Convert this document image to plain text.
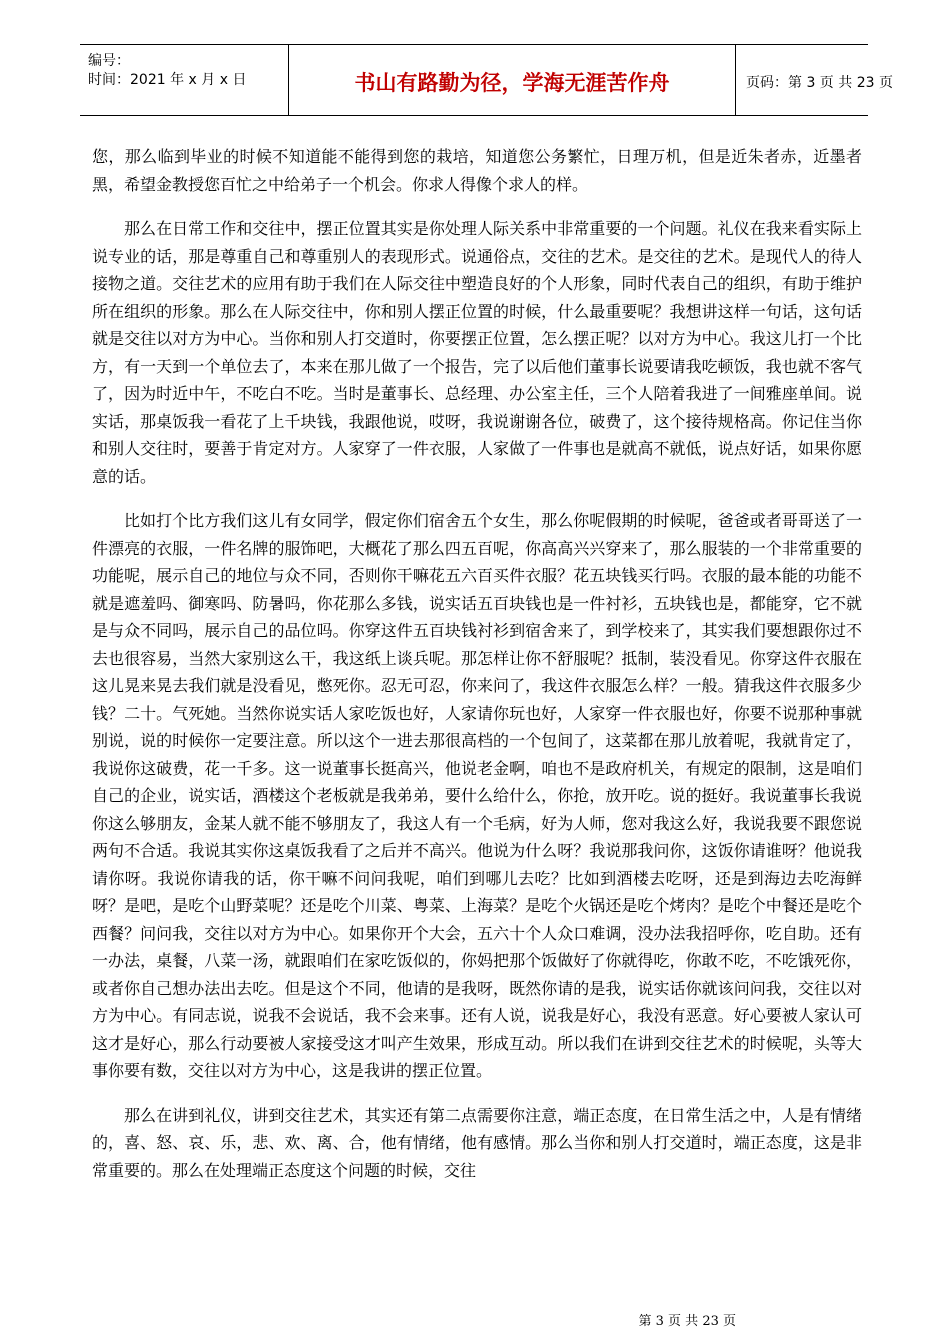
编号：
时间：2021 年 x 月 x 日	书山有路勤为径，学海无涯苦作舟	页码：第 3 页 共 23 页

您，那么临到毕业的时候不知道能不能得到您的栽培，知道您公务繁忙，日理万机，但是近朱者赤，近墨者黑，希望金教授您百忙之中给弟子一个机会。你求人得像个求人的样。

那么在日常工作和交往中，摆正位置其实是你处理人际关系中非常重要的一个问题。礼仪在我来看实际上说专业的话，那是尊重自己和尊重别人的表现形式。说通俗点，交往的艺术。是交往的艺术。是现代人的待人接物之道。交往艺术的应用有助于我们在人际交往中塑造良好的个人形象，同时代表自己的组织，有助于维护所在组织的形象。那么在人际交往中，你和别人摆正位置的时候，什么最重要呢？我想讲这样一句话，这句话就是交往以对方为中心。当你和别人打交道时，你要摆正位置，怎么摆正呢？以对方为中心。我这儿打一个比方，有一天到一个单位去了，本来在那儿做了一个报告，完了以后他们董事长说要请我吃顿饭，我也就不客气了，因为时近中午，不吃白不吃。当时是董事长、总经理、办公室主任，三个人陪着我进了一间雅座单间。说实话，那桌饭我一看花了上千块钱，我跟他说，哎呀，我说谢谢各位，破费了，这个接待规格高。你记住当你和别人交往时，要善于肯定对方。人家穿了一件衣服，人家做了一件事也是就高不就低，说点好话，如果你愿意的话。

比如打个比方我们这儿有女同学，假定你们宿舍五个女生，那么你呢假期的时候呢，爸爸或者哥哥送了一件漂亮的衣服，一件名牌的服饰吧，大概花了那么四五百呢，你高高兴兴穿来了，那么服装的一个非常重要的功能呢，展示自己的地位与众不同，否则你干嘛花五六百买件衣服？花五块钱买行吗。衣服的最本能的功能不就是遮羞吗、御寒吗、防暑吗，你花那么多钱，说实话五百块钱也是一件衬衫，五块钱也是，都能穿，它不就是与众不同吗，展示自己的品位吗。你穿这件五百块钱衬衫到宿舍来了，到学校来了，其实我们要想跟你过不去也很容易，当然大家别这么干，我这纸上谈兵呢。那怎样让你不舒服呢？抵制，装没看见。你穿这件衣服在这儿晃来晃去我们就是没看见，憋死你。忍无可忍，你来问了，我这件衣服怎么样？一般。猜我这件衣服多少钱？二十。气死她。当然你说实话人家吃饭也好，人家请你玩也好，人家穿一件衣服也好，你要不说那种事就别说，说的时候你一定要注意。所以这个一进去那很高档的一个包间了，这菜都在那儿放着呢，我就肯定了，我说你这破费，花一千多。这一说董事长挺高兴，他说老金啊，咱也不是政府机关，有规定的限制，这是咱们自己的企业，说实话，酒楼这个老板就是我弟弟，要什么给什么，你抢，放开吃。说的挺好。我说董事长我说你这么够朋友，金某人就不能不够朋友了，我这人有一个毛病，好为人师，您对我这么好，我说我要不跟您说两句不合适。我说其实你这桌饭我看了之后并不高兴。他说为什么呀？我说那我问你，这饭你请谁呀？他说我请你呀。我说你请我的话，你干嘛不问问我呢，咱们到哪儿去吃？比如到酒楼去吃呀，还是到海边去吃海鲜呀？是吧，是吃个山野菜呢？还是吃个川菜、粤菜、上海菜？是吃个火锅还是吃个烤肉？是吃个中餐还是吃个西餐？问问我，交往以对方为中心。如果你开个大会，五六十个人众口难调，没办法我招呼你，吃自助。还有一办法，桌餐，八菜一汤，就跟咱们在家吃饭似的，你妈把那个饭做好了你就得吃，你敢不吃，不吃饿死你，或者你自己想办法出去吃。但是这个不同，他请的是我呀，既然你请的是我，说实话你就该问问我，交往以对方为中心。有同志说，说我不会说话，我不会来事。还有人说，说我是好心，我没有恶意。好心要被人家认可这才是好心，那么行动要被人家接受这才叫产生效果，形成互动。所以我们在讲到交往艺术的时候呢，头等大事你要有数，交往以对方为中心，这是我讲的摆正位置。

那么在讲到礼仪，讲到交往艺术，其实还有第二点需要你注意，端正态度，在日常生活之中，人是有情绪的，喜、怒、哀、乐，悲、欢、离、合，他有情绪，他有感情。那么当你和别人打交道时，端正态度，这是非常重要的。那么在处理端正态度这个问题的时候，交往

第 3 页 共 23 页
